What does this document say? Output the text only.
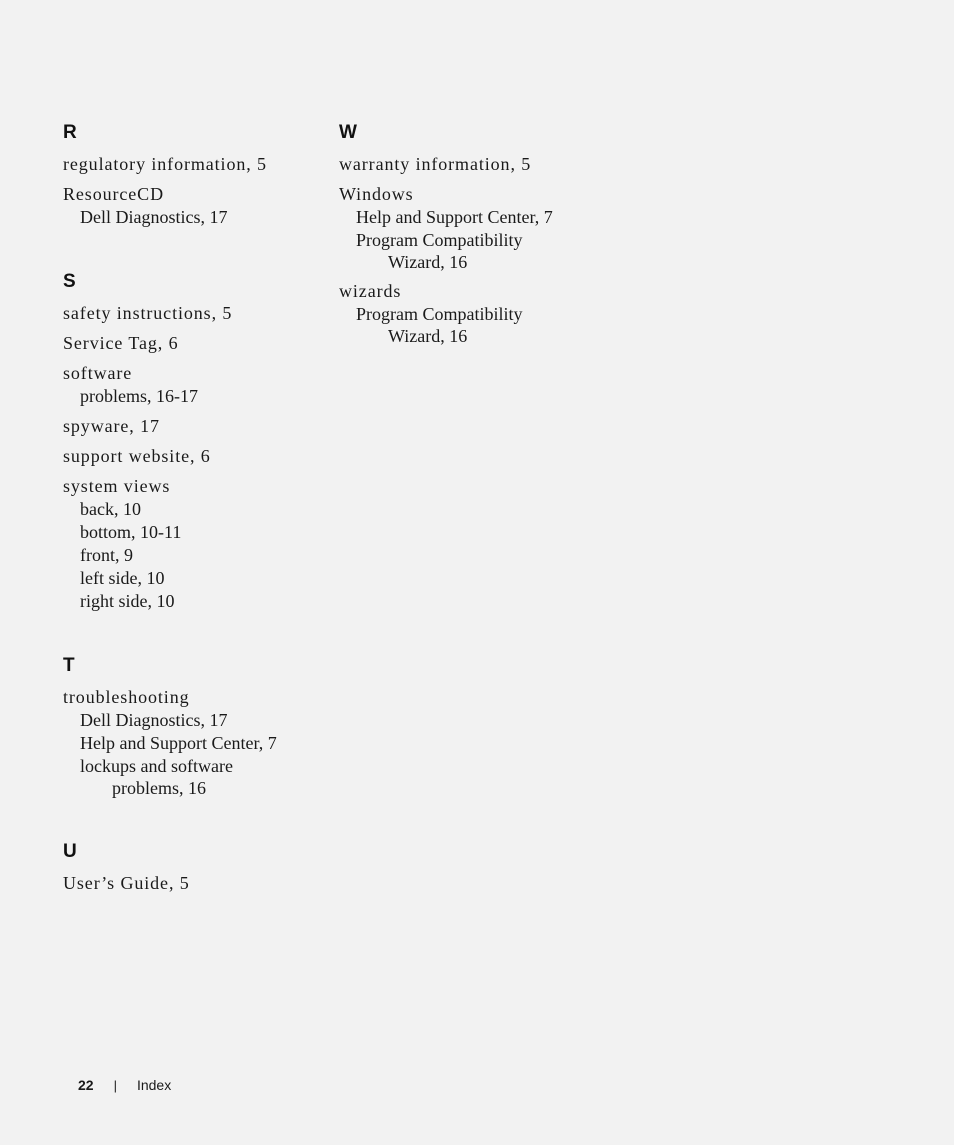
R
regulatory information, 5
ResourceCD
Dell Diagnostics, 17
S
safety instructions, 5
Service Tag, 6
software
problems, 16-17
spyware, 17
support website, 6
system views
back, 10
bottom, 10-11
front, 9
left side, 10
right side, 10
T
troubleshooting
Dell Diagnostics, 17
Help and Support Center, 7
lockups and software
problems, 16
U
User’s Guide, 5
W
warranty information, 5
Windows
Help and Support Center, 7
Program Compatibility
Wizard, 16
wizards
Program Compatibility
Wizard, 16
22 | Index
